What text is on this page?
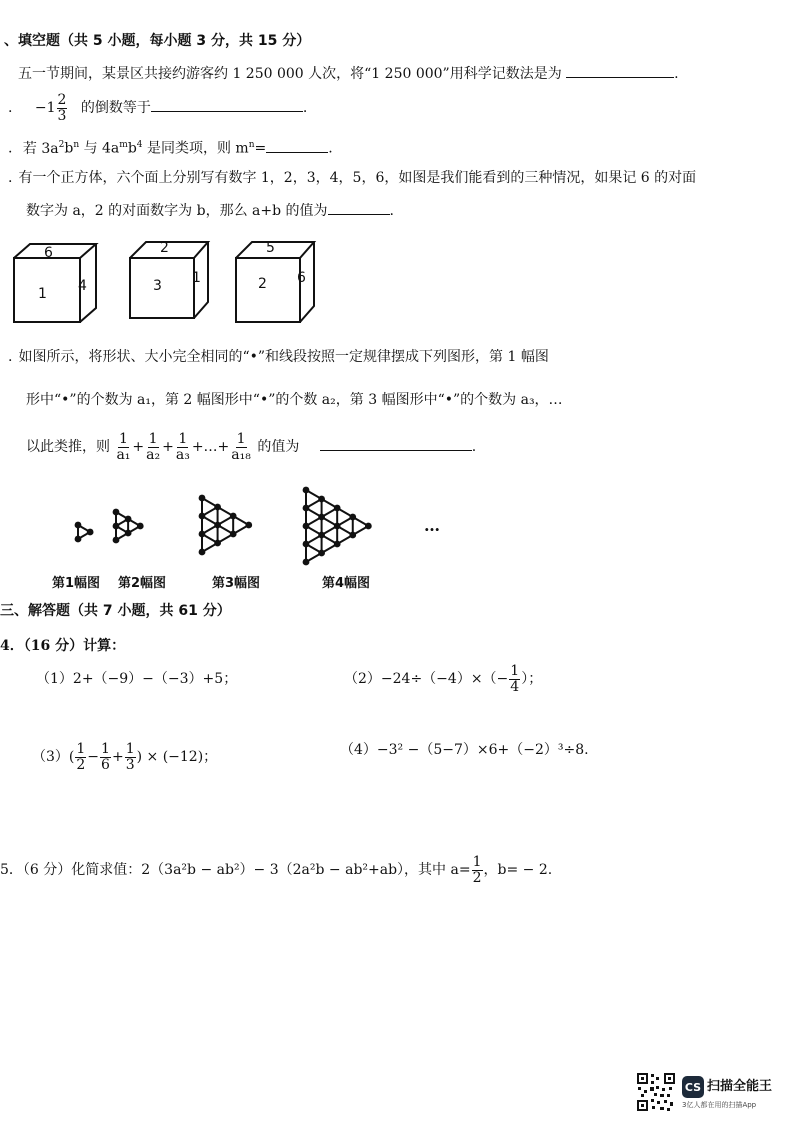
、填空题（共 5 小题，每小题 3 分，共 15 分）
五一节期间，某景区共接约游客约 1 250 000 人次，将“1 250 000”用科学记数法是为	.
. $-1 \frac{2}{3}$ 的倒数等于	.
. 若 $3a^2b^n$ 与 $4a^mb^4$ 是同类项，则 $m^n=$	.
. 有一个正方体，六个面上分别写有数字 1，2，3，4，5，6，如图是我们能看到的三种情况，如果记 6 的对面
数字为 a，2 的对面数字为 b，那么 a+b 的值为	.
6
1 4
2
3 1
5
2 6
. 如图所示，将形状、大小完全相同的“•”和线段按照一定规律摆成下列图形，第 1 幅图
形中“•”的个数为 a₁，第 2 幅图形中“•”的个数 a₂，第 3 幅图形中“•”的个数为 a₃，…
以此类推，则 $\frac{1}{\text{a₁}} + \frac{1}{\text{a₂}} + \frac{1}{\text{a₃}}$ +…+ $\frac{1}{\text{a₁₈}}$ 的值为	.
…
第1幅图 第2幅图	第3幅图	第4幅图
三、解答题（共 7 小题，共 61 分）
4．（16 分）计算：
（1）2+（−9）−（−3）+5；	$(2)-24\div(-4)\times(- \frac{1}{4}$ ）；
$(3)( \frac{1}{2} - \frac{1}{6} + \frac{1}{3}$ ) × (−12)；	（4）−3² −（5−7）×6+（−2）³÷8.
5．（6 分）化简求值：2（3a²b − ab²）− 3（2a²b − ab²+ab），其中 $a= \frac{1}{2}$ ，b= − 2.
CS 扫描全能王
3亿人都在用的扫描App
